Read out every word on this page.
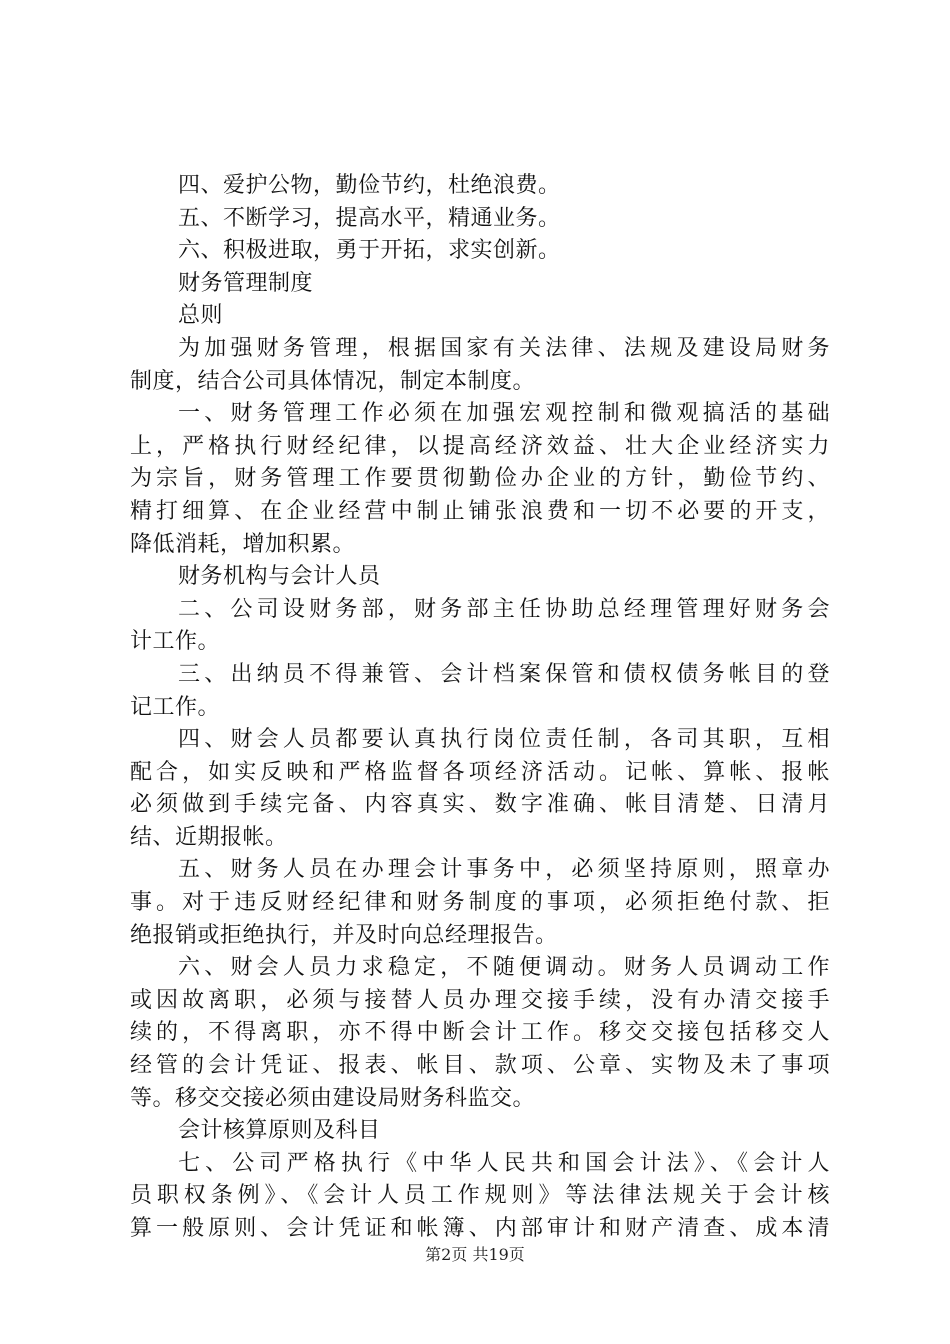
四、爱护公物，勤俭节约，杜绝浪费。
五、不断学习，提高水平，精通业务。
六、积极进取，勇于开拓，求实创新。
财务管理制度
总则
为加强财务管理，根据国家有关法律、法规及建设局财务
制度，结合公司具体情况，制定本制度。
一、财务管理工作必须在加强宏观控制和微观搞活的基础
上，严格执行财经纪律，以提高经济效益、壮大企业经济实力
为宗旨，财务管理工作要贯彻勤俭办企业的方针，勤俭节约、
精打细算、在企业经营中制止铺张浪费和一切不必要的开支，
降低消耗，增加积累。
财务机构与会计人员
二、公司设财务部，财务部主任协助总经理管理好财务会
计工作。
三、出纳员不得兼管、会计档案保管和债权债务帐目的登
记工作。
四、财会人员都要认真执行岗位责任制，各司其职，互相
配合，如实反映和严格监督各项经济活动。记帐、算帐、报帐
必须做到手续完备、内容真实、数字准确、帐目清楚、日清月
结、近期报帐。
五、财务人员在办理会计事务中，必须坚持原则，照章办
事。对于违反财经纪律和财务制度的事项，必须拒绝付款、拒
绝报销或拒绝执行，并及时向总经理报告。
六、财会人员力求稳定，不随便调动。财务人员调动工作
或因故离职，必须与接替人员办理交接手续，没有办清交接手
续的，不得离职，亦不得中断会计工作。移交交接包括移交人
经管的会计凭证、报表、帐目、款项、公章、实物及未了事项
等。移交交接必须由建设局财务科监交。
会计核算原则及科目
七、公司严格执行《中华人民共和国会计法》、《会计人
员职权条例》、《会计人员工作规则》等法律法规关于会计核
算一般原则、会计凭证和帐簿、内部审计和财产清查、成本清
第2页 共19页
